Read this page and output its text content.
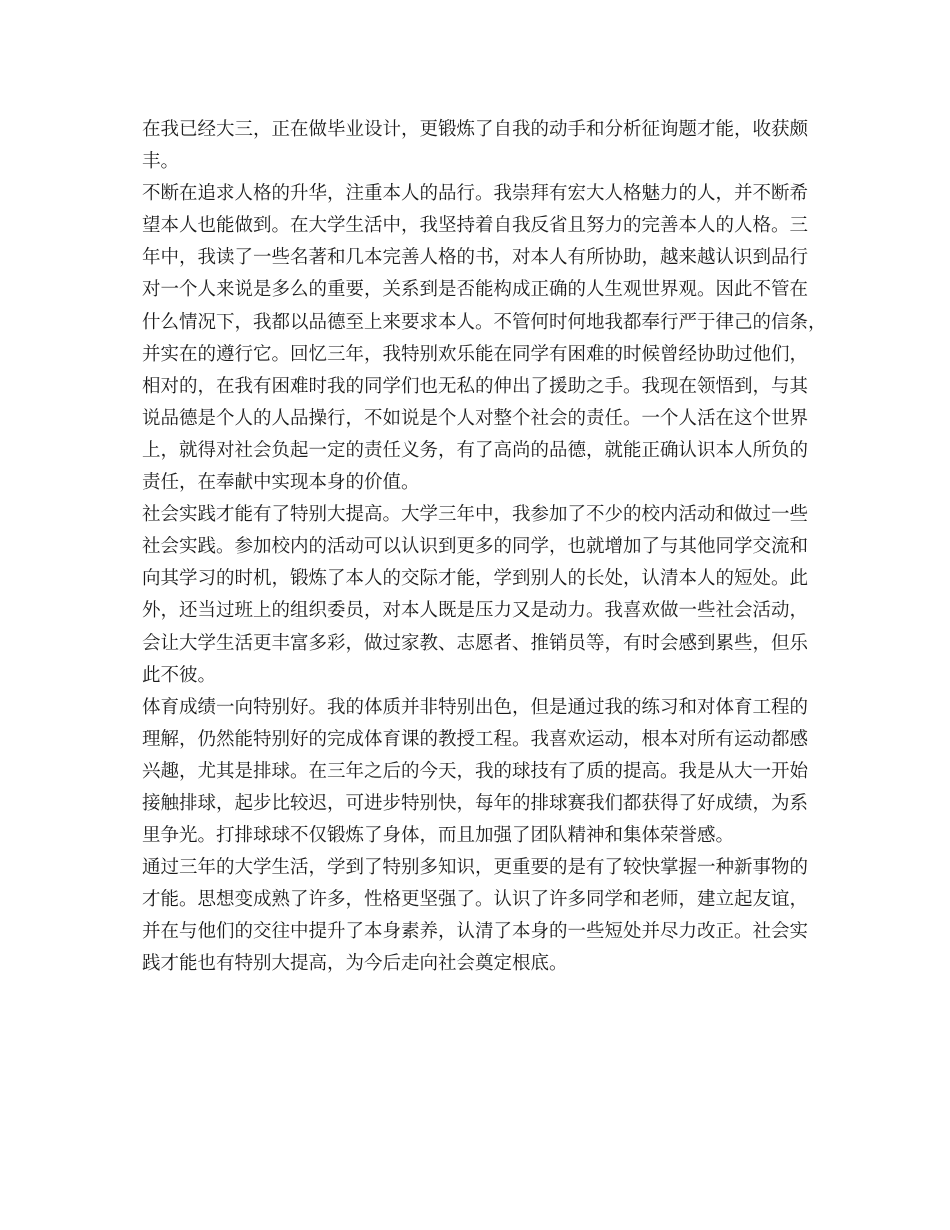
在我已经大三，正在做毕业设计，更锻炼了自我的动手和分析征询题才能，收获颇
丰。
不断在追求人格的升华，注重本人的品行。我崇拜有宏大人格魅力的人，并不断希
望本人也能做到。在大学生活中，我坚持着自我反省且努力的完善本人的人格。三
年中，我读了一些名著和几本完善人格的书，对本人有所协助，越来越认识到品行
对一个人来说是多么的重要，关系到是否能构成正确的人生观世界观。因此不管在
什么情况下，我都以品德至上来要求本人。不管何时何地我都奉行严于律己的信条，
并实在的遵行它。回忆三年，我特别欢乐能在同学有困难的时候曾经协助过他们，
相对的，在我有困难时我的同学们也无私的伸出了援助之手。我现在领悟到，与其
说品德是个人的人品操行，不如说是个人对整个社会的责任。一个人活在这个世界
上，就得对社会负起一定的责任义务，有了高尚的品德，就能正确认识本人所负的
责任，在奉献中实现本身的价值。
社会实践才能有了特别大提高。大学三年中，我参加了不少的校内活动和做过一些
社会实践。参加校内的活动可以认识到更多的同学，也就增加了与其他同学交流和
向其学习的时机，锻炼了本人的交际才能，学到别人的长处，认清本人的短处。此
外，还当过班上的组织委员，对本人既是压力又是动力。我喜欢做一些社会活动，
会让大学生活更丰富多彩，做过家教、志愿者、推销员等，有时会感到累些，但乐
此不彼。
体育成绩一向特别好。我的体质并非特别出色，但是通过我的练习和对体育工程的
理解，仍然能特别好的完成体育课的教授工程。我喜欢运动，根本对所有运动都感
兴趣，尤其是排球。在三年之后的今天，我的球技有了质的提高。我是从大一开始
接触排球，起步比较迟，可进步特别快，每年的排球赛我们都获得了好成绩，为系
里争光。打排球球不仅锻炼了身体，而且加强了团队精神和集体荣誉感。
通过三年的大学生活，学到了特别多知识，更重要的是有了较快掌握一种新事物的
才能。思想变成熟了许多，性格更坚强了。认识了许多同学和老师，建立起友谊，
并在与他们的交往中提升了本身素养，认清了本身的一些短处并尽力改正。社会实
践才能也有特别大提高，为今后走向社会奠定根底。
